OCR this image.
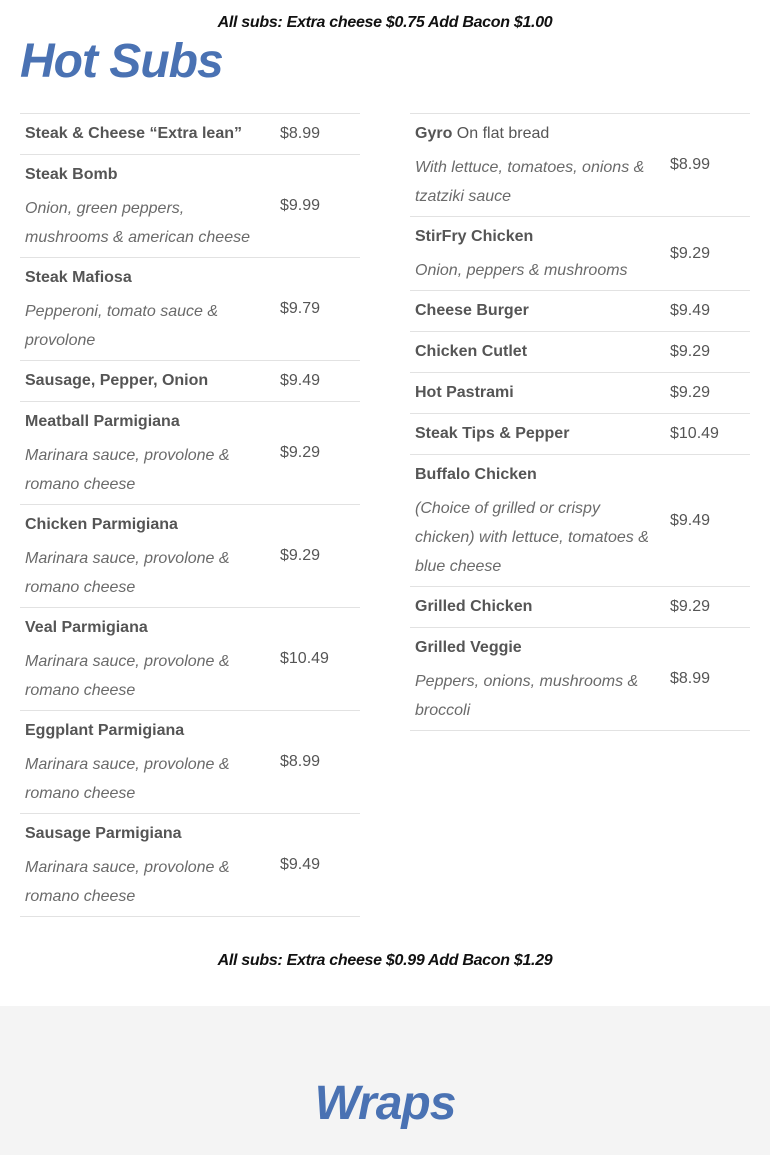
All subs: Extra cheese $0.75 Add Bacon $1.00
Hot Subs
Steak & Cheese “Extra lean”	$8.99

Steak Bomb
Onion, green peppers, mushrooms & american cheese	$9.99

Steak Mafiosa
Pepperoni, tomato sauce & provolone	$9.79

Sausage, Pepper, Onion	$9.49

Meatball Parmigiana
Marinara sauce, provolone & romano cheese	$9.29

Chicken Parmigiana
Marinara sauce, provolone & romano cheese	$9.29

Veal Parmigiana
Marinara sauce, provolone & romano cheese	$10.49

Eggplant Parmigiana
Marinara sauce, provolone & romano cheese	$8.99

Sausage Parmigiana
Marinara sauce, provolone & romano cheese	$9.49
Gyro On flat bread
With lettuce, tomatoes, onions & tzatziki sauce	$8.99

StirFry Chicken
Onion, peppers & mushrooms	$9.29

Cheese Burger	$9.49

Chicken Cutlet	$9.29

Hot Pastrami	$9.29

Steak Tips & Pepper	$10.49

Buffalo Chicken
(Choice of grilled or crispy chicken) with lettuce, tomatoes & blue cheese	$9.49

Grilled Chicken	$9.29

Grilled Veggie
Peppers, onions, mushrooms & broccoli	$8.99
All subs: Extra cheese $0.99 Add Bacon $1.29
Wraps
